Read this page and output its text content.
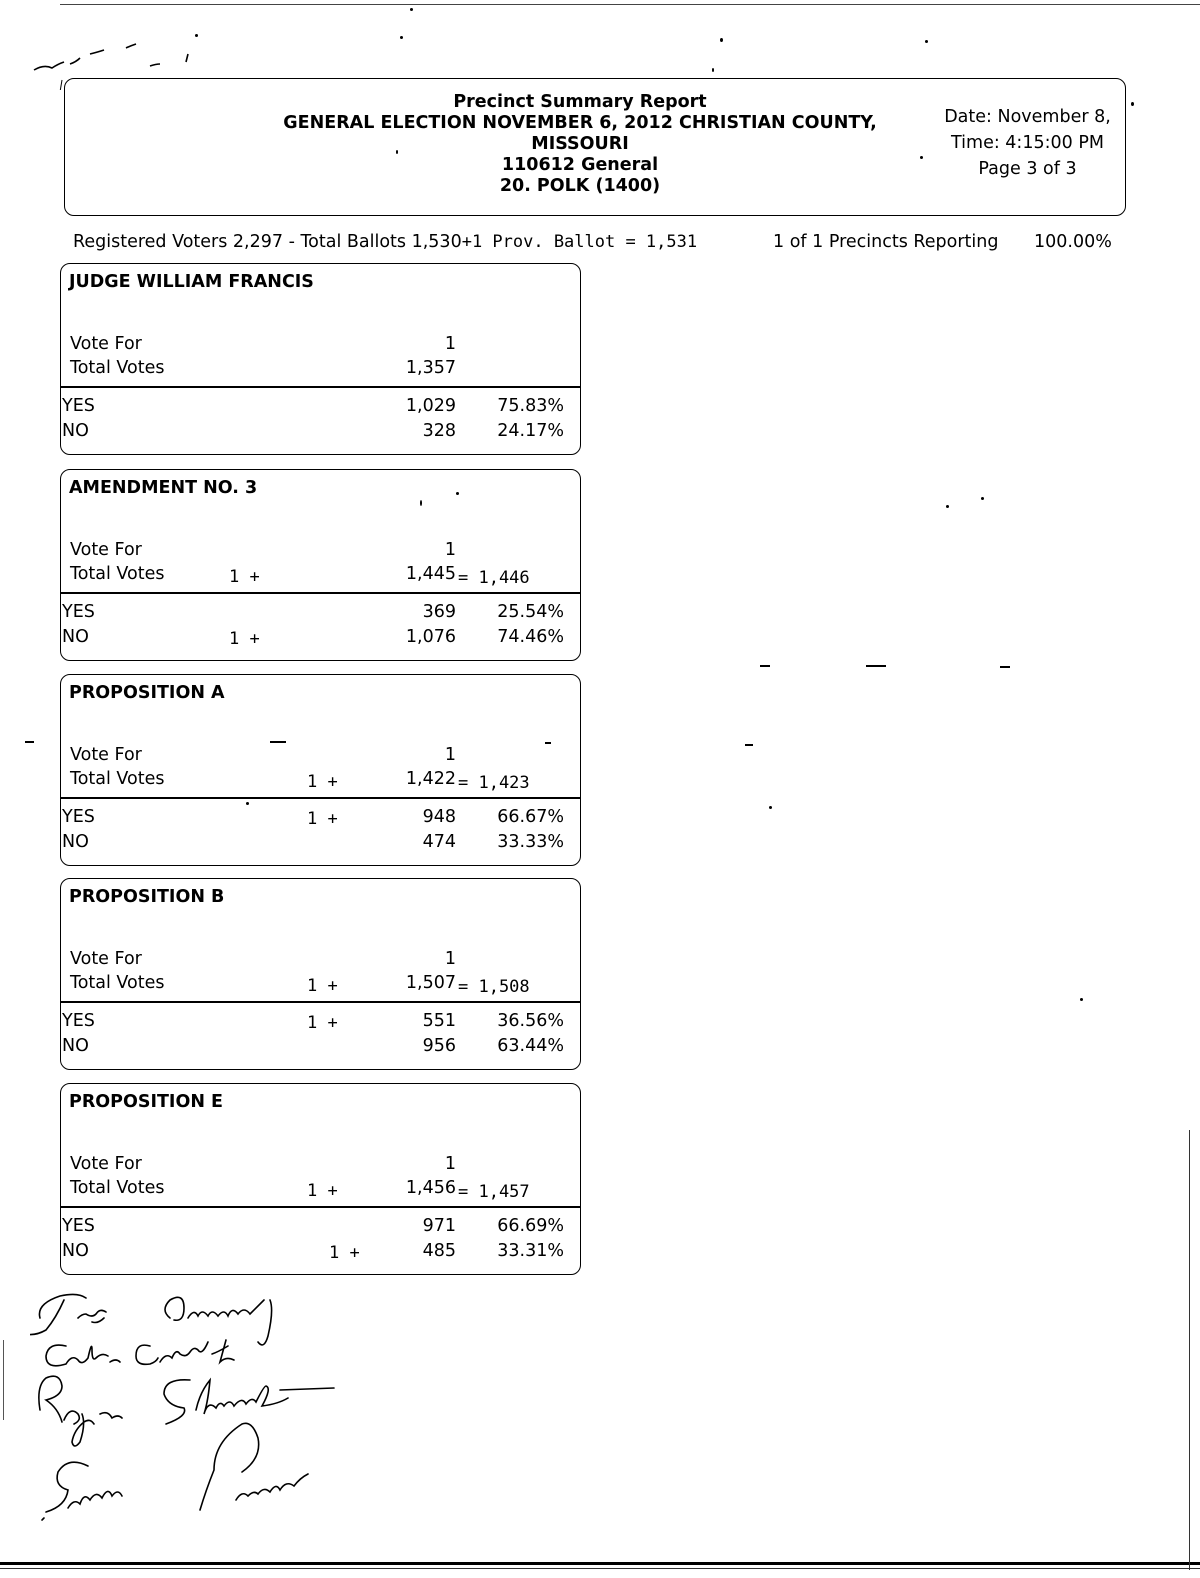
Precinct Summary Report
GENERAL ELECTION NOVEMBER 6, 2012 CHRISTIAN COUNTY,
MISSOURI
110612 General
20. POLK (1400)
Date: November 8,
Time: 4:15:00 PM
Page 3 of 3
Registered Voters 2,297 - Total Ballots 1,530+1 Prov. Ballot = 1,531	1 of 1 Precincts Reporting 100.00%
JUDGE WILLIAM FRANCIS
Vote For	1
Total Votes	1,357
YES	1,029 75.83%
NO	328 24.17%
AMENDMENT NO. 3
Vote For	1
Total Votes	1 +	1,445 = 1,446
YES	369 25.54%
NO	1 +	1,076 74.46%
PROPOSITION A
Vote For	1
Total Votes	1 +	1,422 = 1,423
YES	1 +	948 66.67%
NO	474 33.33%
PROPOSITION B
Vote For	1
Total Votes	1 +	1,507 = 1,508
YES	1 +	551 36.56%
NO	956 63.44%
PROPOSITION E
Vote For	1
Total Votes	1 +	1,456 = 1,457
YES	971 66.69%
NO	1 +	485 33.31%
